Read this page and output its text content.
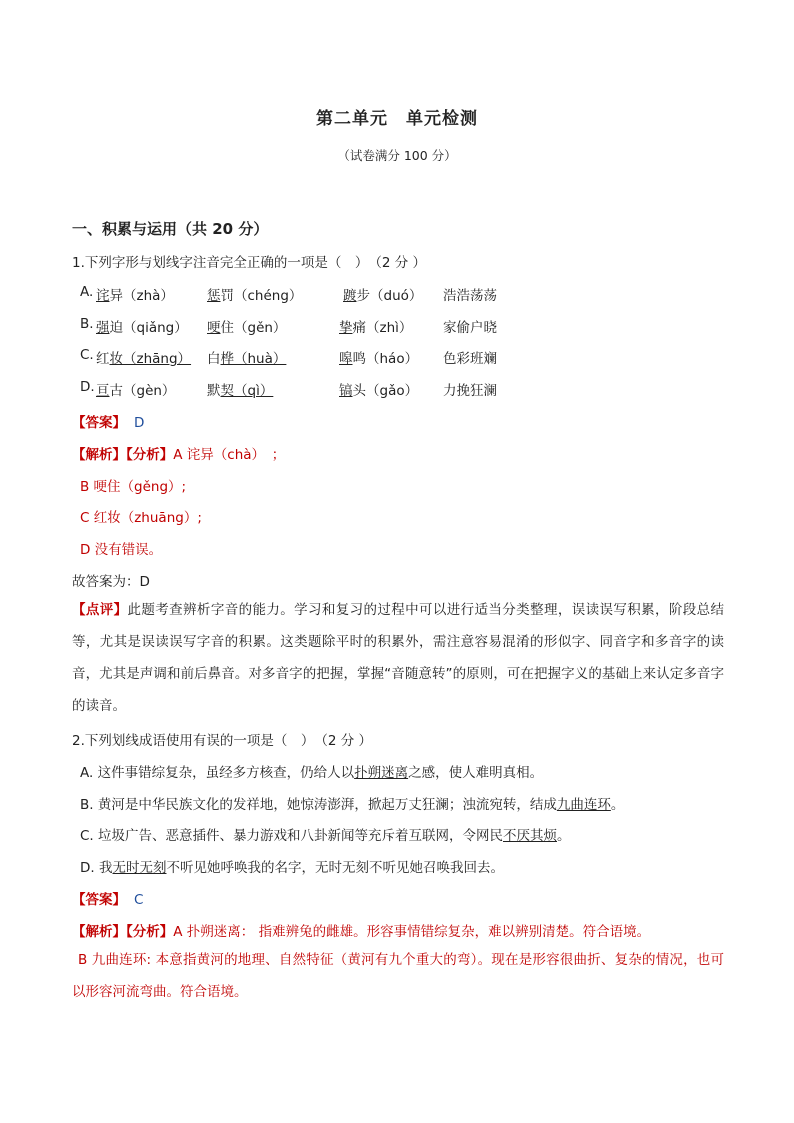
第二单元　单元检测
（试卷满分 100 分）
一、积累与运用（共 20 分）
1.下列字形与划线字注音完全正确的一项是（　）　（2 分 ）
A. 诧异（zhà） 惩罚（chéng）	踱步（duó） 浩浩荡荡
B. 强迫（qiǎng） 哽住（gěn）	挚痛（zhì） 家偷户晓
C. 红妆（zhāng） 白桦（huà）	嗥鸣（háo） 色彩班斓
D. 亘古（gèn） 默契（qì）	镐头（gǎo） 力挽狂澜
【答案】 D
【解析】【分析】A 诧异（chà）　；
B 哽住（gěng）;
C 红妆（zhuāng）;
D 没有错误。
故答案为：D
【点评】此题考查辨析字音的能力。学习和复习的过程中可以进行适当分类整理，误读误写积累，阶段总结等，尤其是误读误写字音的积累。这类题除平时的积累外，需注意容易混淆的形似字、同音字和多音字的读音，尤其是声调和前后鼻音。对多音字的把握，掌握“音随意转”的原则，可在把握字义的基础上来认定多音字的读音。
2.下列划线成语使用有误的一项是（　）　（2 分 ）
A. 这件事错综复杂，虽经多方核查，仍给人以扑朔迷离之感，使人难明真相。
B. 黄河是中华民族文化的发祥地，她惊涛澎湃，掀起万丈狂澜；浊流宛转，结成九曲连环。
C. 垃圾广告、恶意插件、暴力游戏和八卦新闻等充斥着互联网，令网民不厌其烦。
D. 我无时无刻不听见她呼唤我的名字，无时无刻不听见她召唤我回去。
【答案】 C
【解析】【分析】A 扑朔迷离： 指难辨兔的雌雄。形容事情错综复杂，难以辨别清楚。符合语境。
B 九曲连环: 本意指黄河的地理、自然特征（黄河有九个重大的弯）。现在是形容很曲折、复杂的情况，也可以形容河流弯曲。符合语境。
